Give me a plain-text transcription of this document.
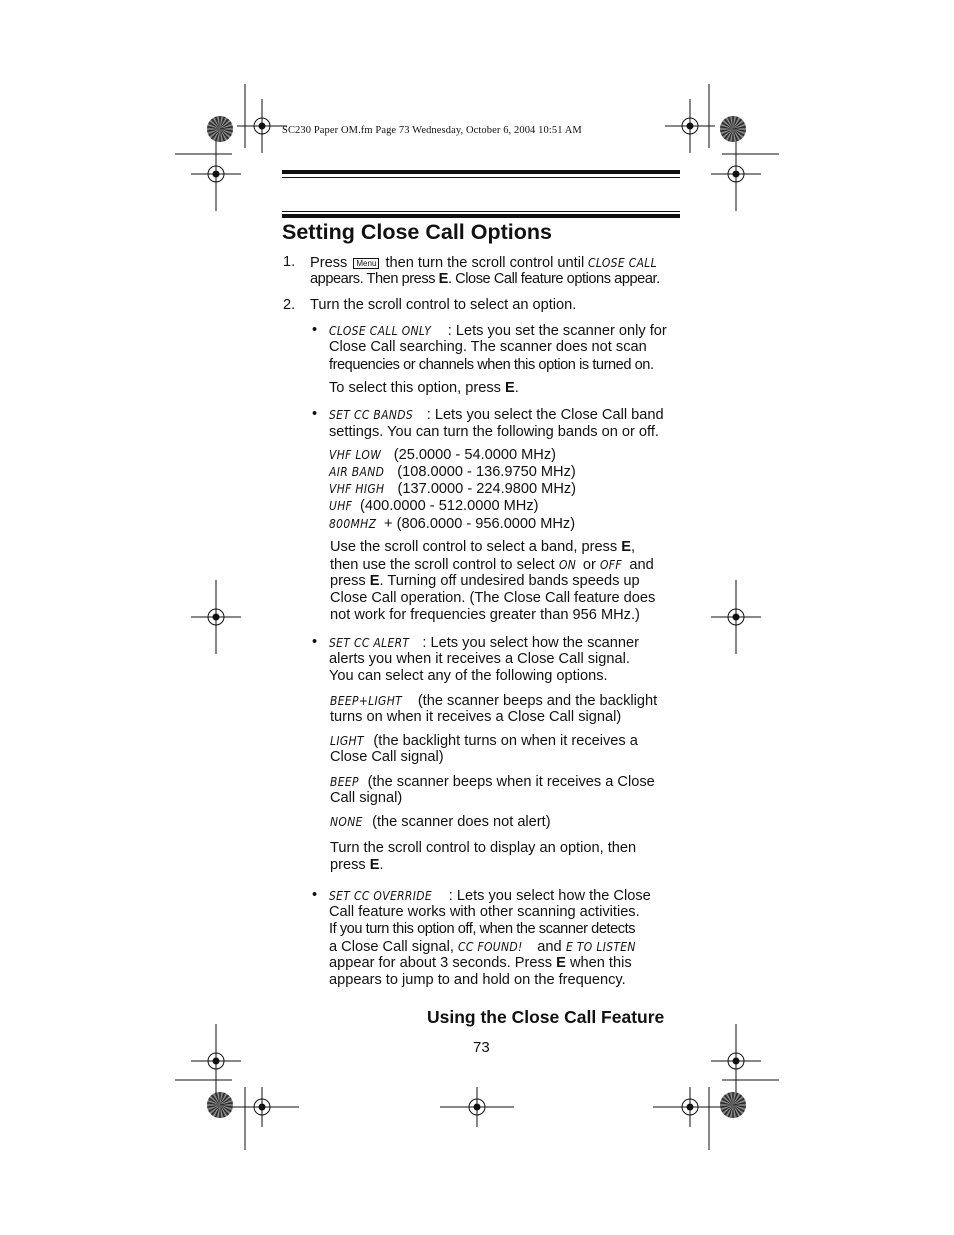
SC230 Paper OM.fm Page 73 Wednesday, October 6, 2004 10:51 AM
Setting Close Call Options
1. Press Menu then turn the scroll control until CLOSE CALL
appears. Then press E. Close Call feature options appear.
2. Turn the scroll control to select an option.
• CLOSE CALL ONLY : Lets you set the scanner only for
Close Call searching. The scanner does not scan
frequencies or channels when this option is turned on.
To select this option, press E.
• SET CC BANDS : Lets you select the Close Call band
settings. You can turn the following bands on or off.
VHF LOW (25.0000 - 54.0000 MHz)
AIR BAND (108.0000 - 136.9750 MHz)
VHF HIGH (137.0000 - 224.9800 MHz)
UHF (400.0000 - 512.0000 MHz)
800MHZ + (806.0000 - 956.0000 MHz)
Use the scroll control to select a band, press E,
then use the scroll control to select ON or OFF and
press E. Turning off undesired bands speeds up
Close Call operation. (The Close Call feature does
not work for frequencies greater than 956 MHz.)
• SET CC ALERT : Lets you select how the scanner
alerts you when it receives a Close Call signal.
You can select any of the following options.
BEEP+LIGHT (the scanner beeps and the backlight
turns on when it receives a Close Call signal)
LIGHT (the backlight turns on when it receives a
Close Call signal)
BEEP (the scanner beeps when it receives a Close
Call signal)
NONE (the scanner does not alert)
Turn the scroll control to display an option, then
press E.
• SET CC OVERRIDE : Lets you select how the Close
Call feature works with other scanning activities.
If you turn this option off, when the scanner detects
a Close Call signal, CC FOUND! and E TO LISTEN
appear for about 3 seconds. Press E when this
appears to jump to and hold on the frequency.
Using the Close Call Feature
73
